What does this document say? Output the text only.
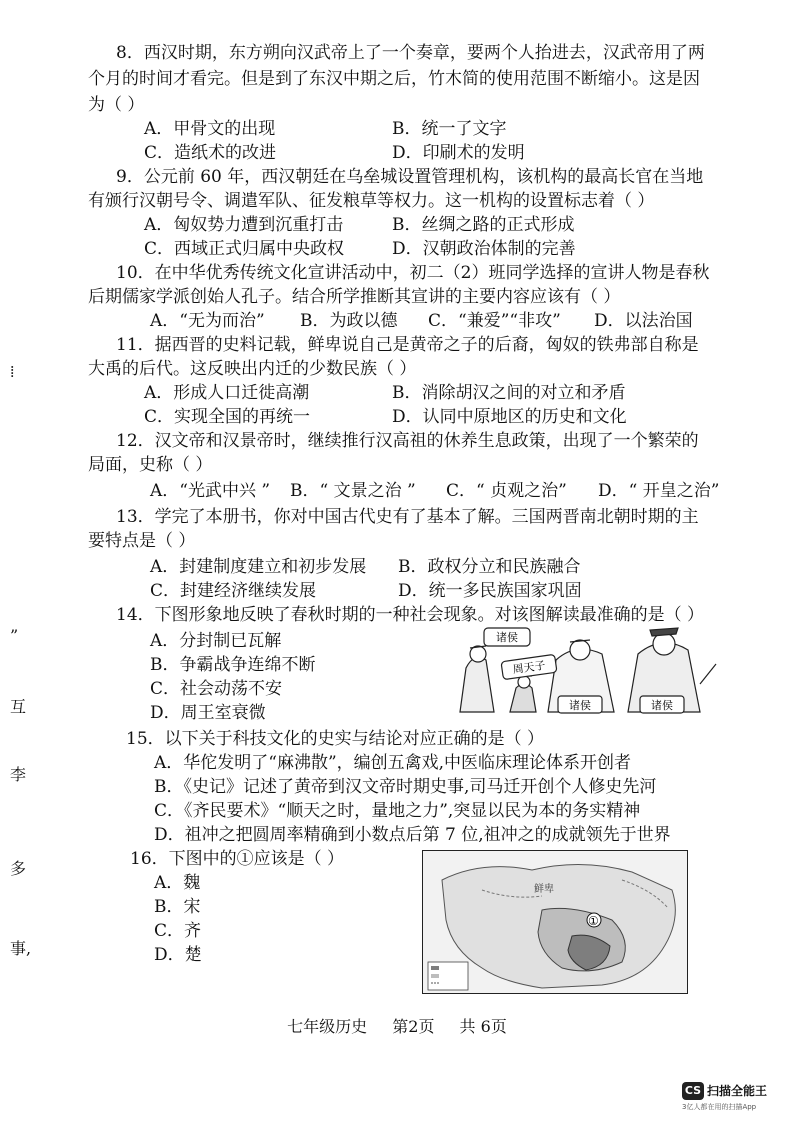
8．西汉时期，东方朔向汉武帝上了一个奏章，要两个人抬进去，汉武帝用了两
个月的时间才看完。但是到了东汉中期之后，竹木简的使用范围不断缩小。这是因
为（ ）
A．甲骨文的出现	B．统一了文字
C．造纸术的改进	D．印刷术的发明
9．公元前 60 年，西汉朝廷在乌垒城设置管理机构，该机构的最高长官在当地
有颁行汉朝号令、调遣军队、征发粮草等权力。这一机构的设置标志着（ ）
A．匈奴势力遭到沉重打击	B．丝绸之路的正式形成
C．西域正式归属中央政权	D．汉朝政治体制的完善
10．在中华优秀传统文化宣讲活动中，初二（2）班同学选择的宣讲人物是春秋
后期儒家学派创始人孔子。结合所学推断其宣讲的主要内容应该有（ ）
A．“无为而治” B．为政以德 C．“兼爱”“非攻” D．以法治国
11．据西晋的史料记载，鲜卑说自己是黄帝之子的后裔，匈奴的铁弗部自称是
大禹的后代。这反映出内迁的少数民族（ ）
A．形成人口迁徙高潮	B．消除胡汉之间的对立和矛盾
C．实现全国的再统一	D．认同中原地区的历史和文化
12．汉文帝和汉景帝时，继续推行汉高祖的休养生息政策，出现了一个繁荣的
局面，史称（ ）
A．“光武中兴 ” B．“ 文景之治 ” C．“ 贞观之治” D．“ 开皇之治”
13．学完了本册书，你对中国古代史有了基本了解。三国两晋南北朝时期的主
要特点是（ ）
A．封建制度建立和初步发展 B．政权分立和民族融合
C．封建经济继续发展	D．统一多民族国家巩固
14．下图形象地反映了春秋时期的一种社会现象。对该图解读最准确的是（ ）
A．分封制已瓦解
B．争霸战争连绵不断
C．社会动荡不安
D．周王室衰微
诸侯
周天子
诸侯	诸侯
15．以下关于科技文化的史实与结论对应正确的是（ ）
A．华佗发明了“麻沸散”，编创五禽戏,中医临床理论体系开创者
B．《史记》记述了黄帝到汉文帝时期史事,司马迁开创个人修史先河
C．《齐民要术》“顺天之时，量地之力”,突显以民为本的务实精神
D．祖冲之把圆周率精确到小数点后第 7 位,祖冲之的成就领先于世界
16．下图中的①应该是（ ）
A．魏
B．宋
C．齐
D．楚
鲜卑
①
⁞
”
互
李
多
事,
七年级历史 第2页 共 6页
CS 扫描全能王
3亿人都在用的扫描App
